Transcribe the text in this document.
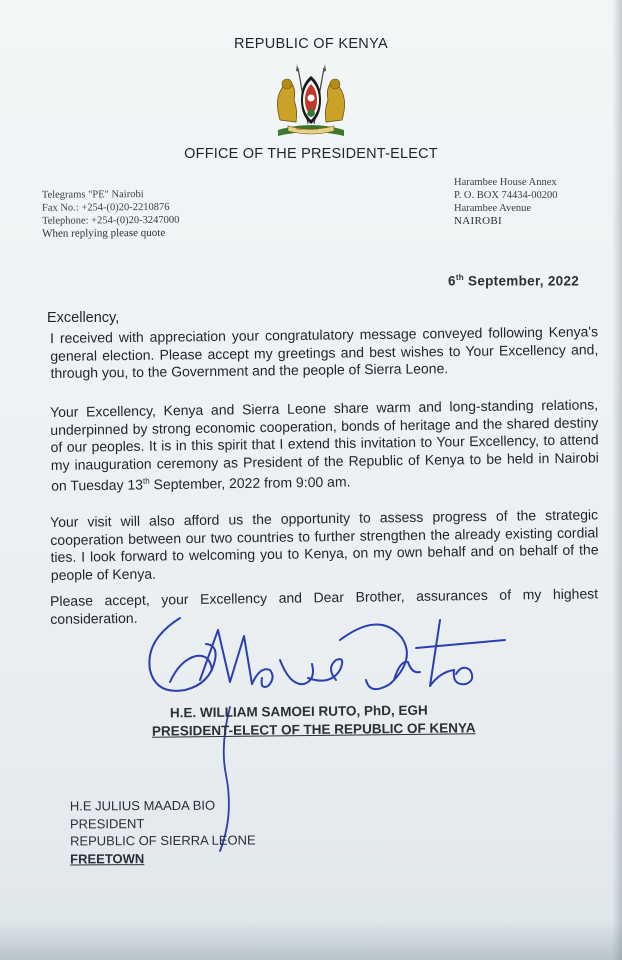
REPUBLIC OF KENYA
HARAMBEE
OFFICE OF THE PRESIDENT-ELECT
Telegrams "PE" Nairobi
Fax No.: +254-(0)20-2210876
Telephone: +254-(0)20-3247000
When replying please quote
Harambee House Annex
P. O. BOX 74434-00200
Harambee Avenue
NAIROBI
6th September, 2022
Excellency,
I received with appreciation your congratulatory message conveyed following Kenya's general election. Please accept my greetings and best wishes to Your Excellency and, through you, to the Government and the people of Sierra Leone.
Your Excellency, Kenya and Sierra Leone share warm and long-standing relations, underpinned by strong economic cooperation, bonds of heritage and the shared destiny of our peoples. It is in this spirit that I extend this invitation to Your Excellency, to attend my inauguration ceremony as President of the Republic of Kenya to be held in Nairobi on Tuesday 13th September, 2022 from 9:00 am.
Your visit will also afford us the opportunity to assess progress of the strategic cooperation between our two countries to further strengthen the already existing cordial ties. I look forward to welcoming you to Kenya, on my own behalf and on behalf of the people of Kenya.
Please accept, your Excellency and Dear Brother, assurances of my highest consideration.
H.E. WILLIAM SAMOEI RUTO, PhD, EGH
PRESIDENT-ELECT OF THE REPUBLIC OF KENYA
H.E JULIUS MAADA BIO
PRESIDENT
REPUBLIC OF SIERRA LEONE
FREETOWN
